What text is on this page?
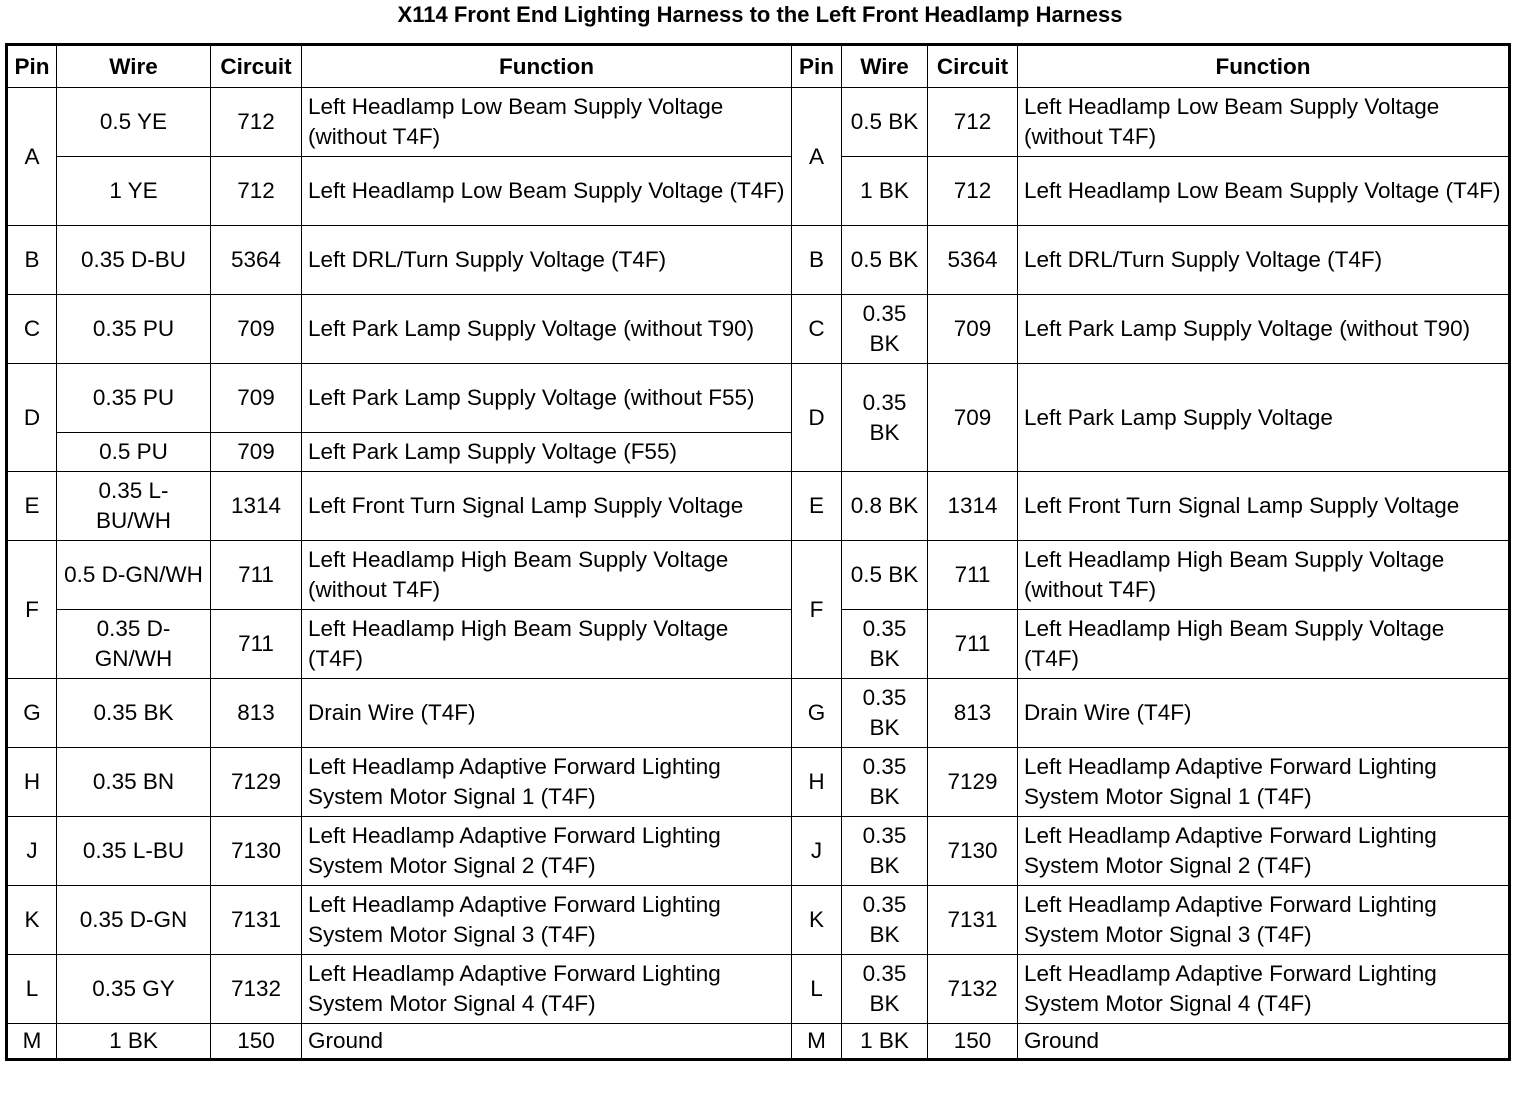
X114 Front End Lighting Harness to the Left Front Headlamp Harness
Pin	Wire	Circuit	Function	Pin	Wire	Circuit	Function
A	0.5 YE	712	Left Headlamp Low Beam Supply Voltage (without T4F)	A	0.5 BK	712	Left Headlamp Low Beam Supply Voltage (without T4F)
	1 YE	712	Left Headlamp Low Beam Supply Voltage (T4F)		1 BK	712	Left Headlamp Low Beam Supply Voltage (T4F)
B	0.35 D-BU	5364	Left DRL/Turn Supply Voltage (T4F)	B	0.5 BK	5364	Left DRL/Turn Supply Voltage (T4F)
C	0.35 PU	709	Left Park Lamp Supply Voltage (without T90)	C	0.35 BK	709	Left Park Lamp Supply Voltage (without T90)
D	0.35 PU	709	Left Park Lamp Supply Voltage (without F55)	D	0.35 BK	709	Left Park Lamp Supply Voltage
	0.5 PU	709	Left Park Lamp Supply Voltage (F55)				
E	0.35 L-BU/WH	1314	Left Front Turn Signal Lamp Supply Voltage	E	0.8 BK	1314	Left Front Turn Signal Lamp Supply Voltage
F	0.5 D-GN/WH	711	Left Headlamp High Beam Supply Voltage (without T4F)	F	0.5 BK	711	Left Headlamp High Beam Supply Voltage (without T4F)
	0.35 D-GN/WH	711	Left Headlamp High Beam Supply Voltage (T4F)		0.35 BK	711	Left Headlamp High Beam Supply Voltage (T4F)
G	0.35 BK	813	Drain Wire (T4F)	G	0.35 BK	813	Drain Wire (T4F)
H	0.35 BN	7129	Left Headlamp Adaptive Forward Lighting System Motor Signal 1 (T4F)	H	0.35 BK	7129	Left Headlamp Adaptive Forward Lighting System Motor Signal 1 (T4F)
J	0.35 L-BU	7130	Left Headlamp Adaptive Forward Lighting System Motor Signal 2 (T4F)	J	0.35 BK	7130	Left Headlamp Adaptive Forward Lighting System Motor Signal 2 (T4F)
K	0.35 D-GN	7131	Left Headlamp Adaptive Forward Lighting System Motor Signal 3 (T4F)	K	0.35 BK	7131	Left Headlamp Adaptive Forward Lighting System Motor Signal 3 (T4F)
L	0.35 GY	7132	Left Headlamp Adaptive Forward Lighting System Motor Signal 4 (T4F)	L	0.35 BK	7132	Left Headlamp Adaptive Forward Lighting System Motor Signal 4 (T4F)
M	1 BK	150	Ground	M	1 BK	150	Ground
